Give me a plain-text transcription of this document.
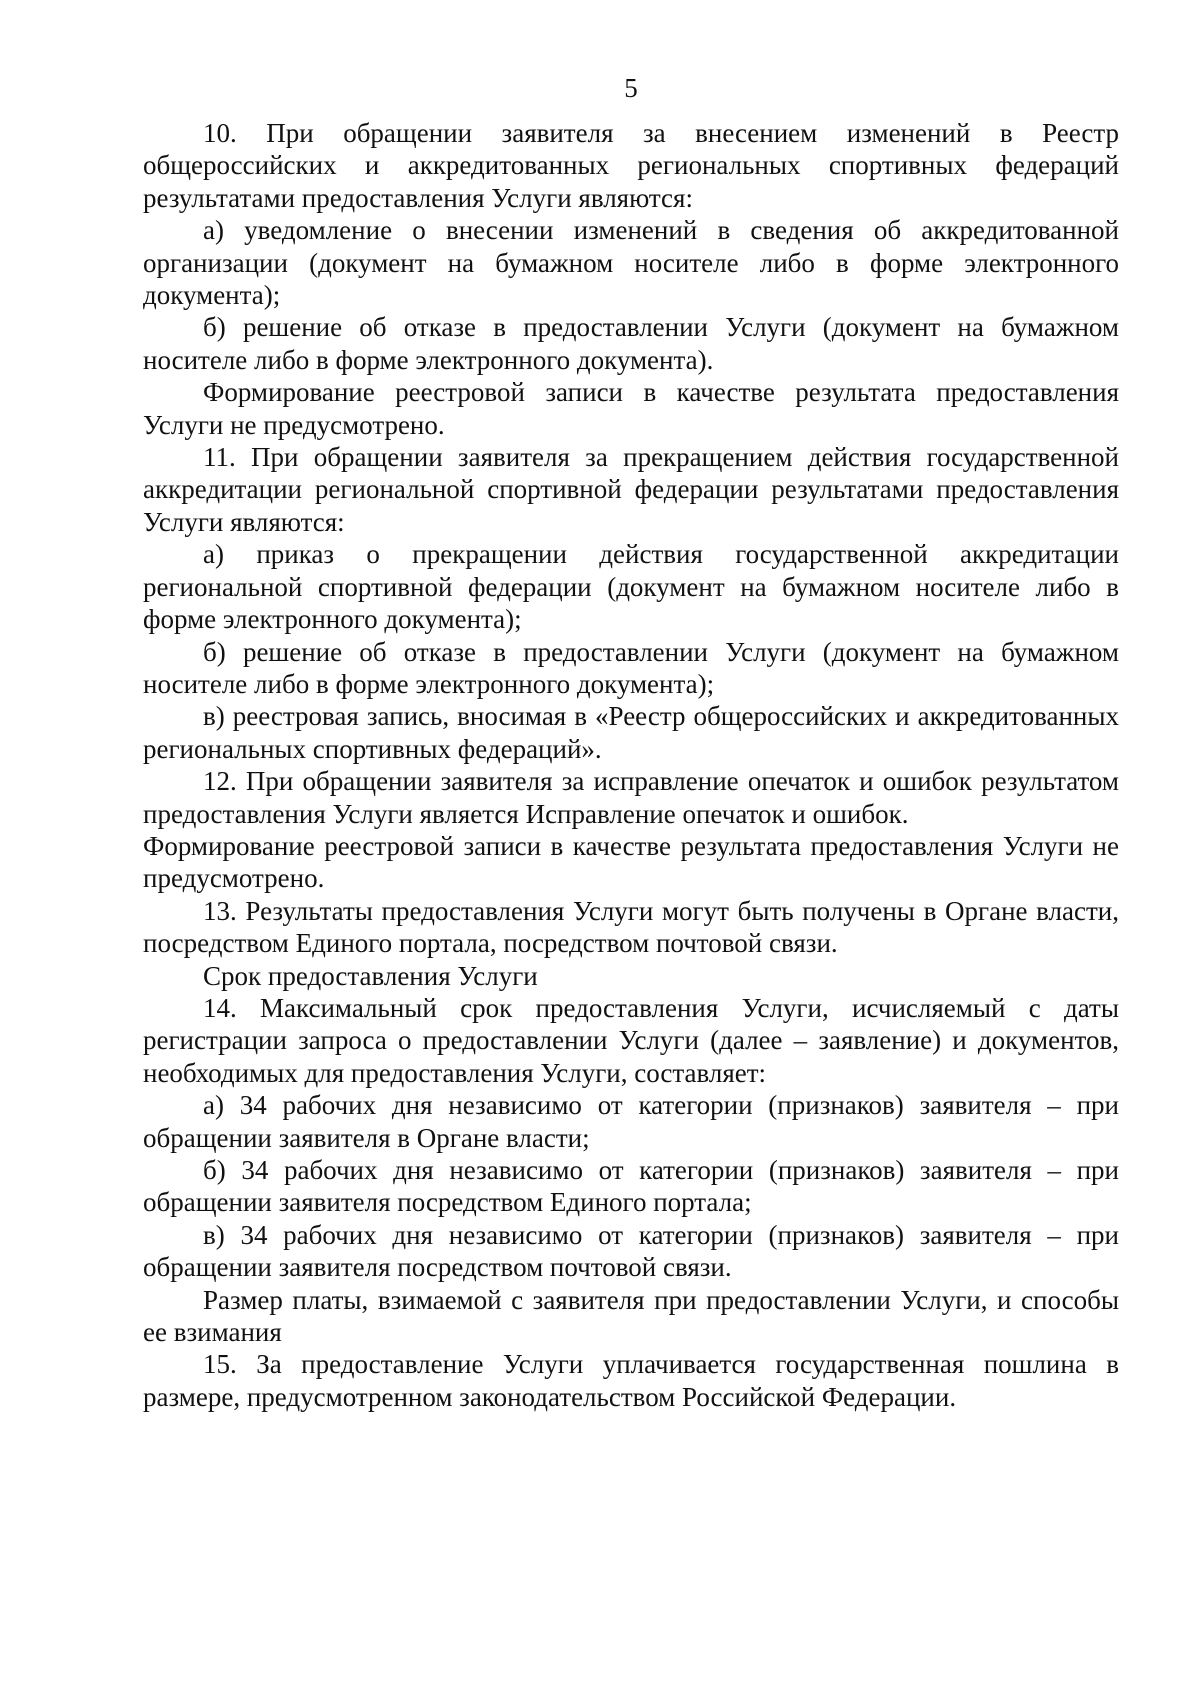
5

10. При обращении заявителя за внесением изменений в Реестр общероссийских и аккредитованных региональных спортивных федераций результатами предоставления Услуги являются:

а) уведомление о внесении изменений в сведения об аккредитованной организации (документ на бумажном носителе либо в форме электронного документа);

б) решение об отказе в предоставлении Услуги (документ на бумажном носителе либо в форме электронного документа).

Формирование реестровой записи в качестве результата предоставления Услуги не предусмотрено.

11. При обращении заявителя за прекращением действия государственной аккредитации региональной спортивной федерации результатами предоставления Услуги являются:

а) приказ о прекращении действия государственной аккредитации региональной спортивной федерации (документ на бумажном носителе либо в форме электронного документа);

б) решение об отказе в предоставлении Услуги (документ на бумажном носителе либо в форме электронного документа);

в) реестровая запись, вносимая в «Реестр общероссийских и аккредитованных региональных спортивных федераций».

12. При обращении заявителя за исправление опечаток и ошибок результатом предоставления Услуги является Исправление опечаток и ошибок.

Формирование реестровой записи в качестве результата предоставления Услуги не предусмотрено.

13. Результаты предоставления Услуги могут быть получены в Органе власти, посредством Единого портала, посредством почтовой связи.

Срок предоставления Услуги

14. Максимальный срок предоставления Услуги, исчисляемый с даты регистрации запроса о предоставлении Услуги (далее – заявление) и документов, необходимых для предоставления Услуги, составляет:

а) 34 рабочих дня независимо от категории (признаков) заявителя – при обращении заявителя в Органе власти;

б) 34 рабочих дня независимо от категории (признаков) заявителя – при обращении заявителя посредством Единого портала;

в) 34 рабочих дня независимо от категории (признаков) заявителя – при обращении заявителя посредством почтовой связи.

Размер платы, взимаемой с заявителя при предоставлении Услуги, и способы ее взимания

15. За предоставление Услуги уплачивается государственная пошлина в размере, предусмотренном законодательством Российской Федерации.
